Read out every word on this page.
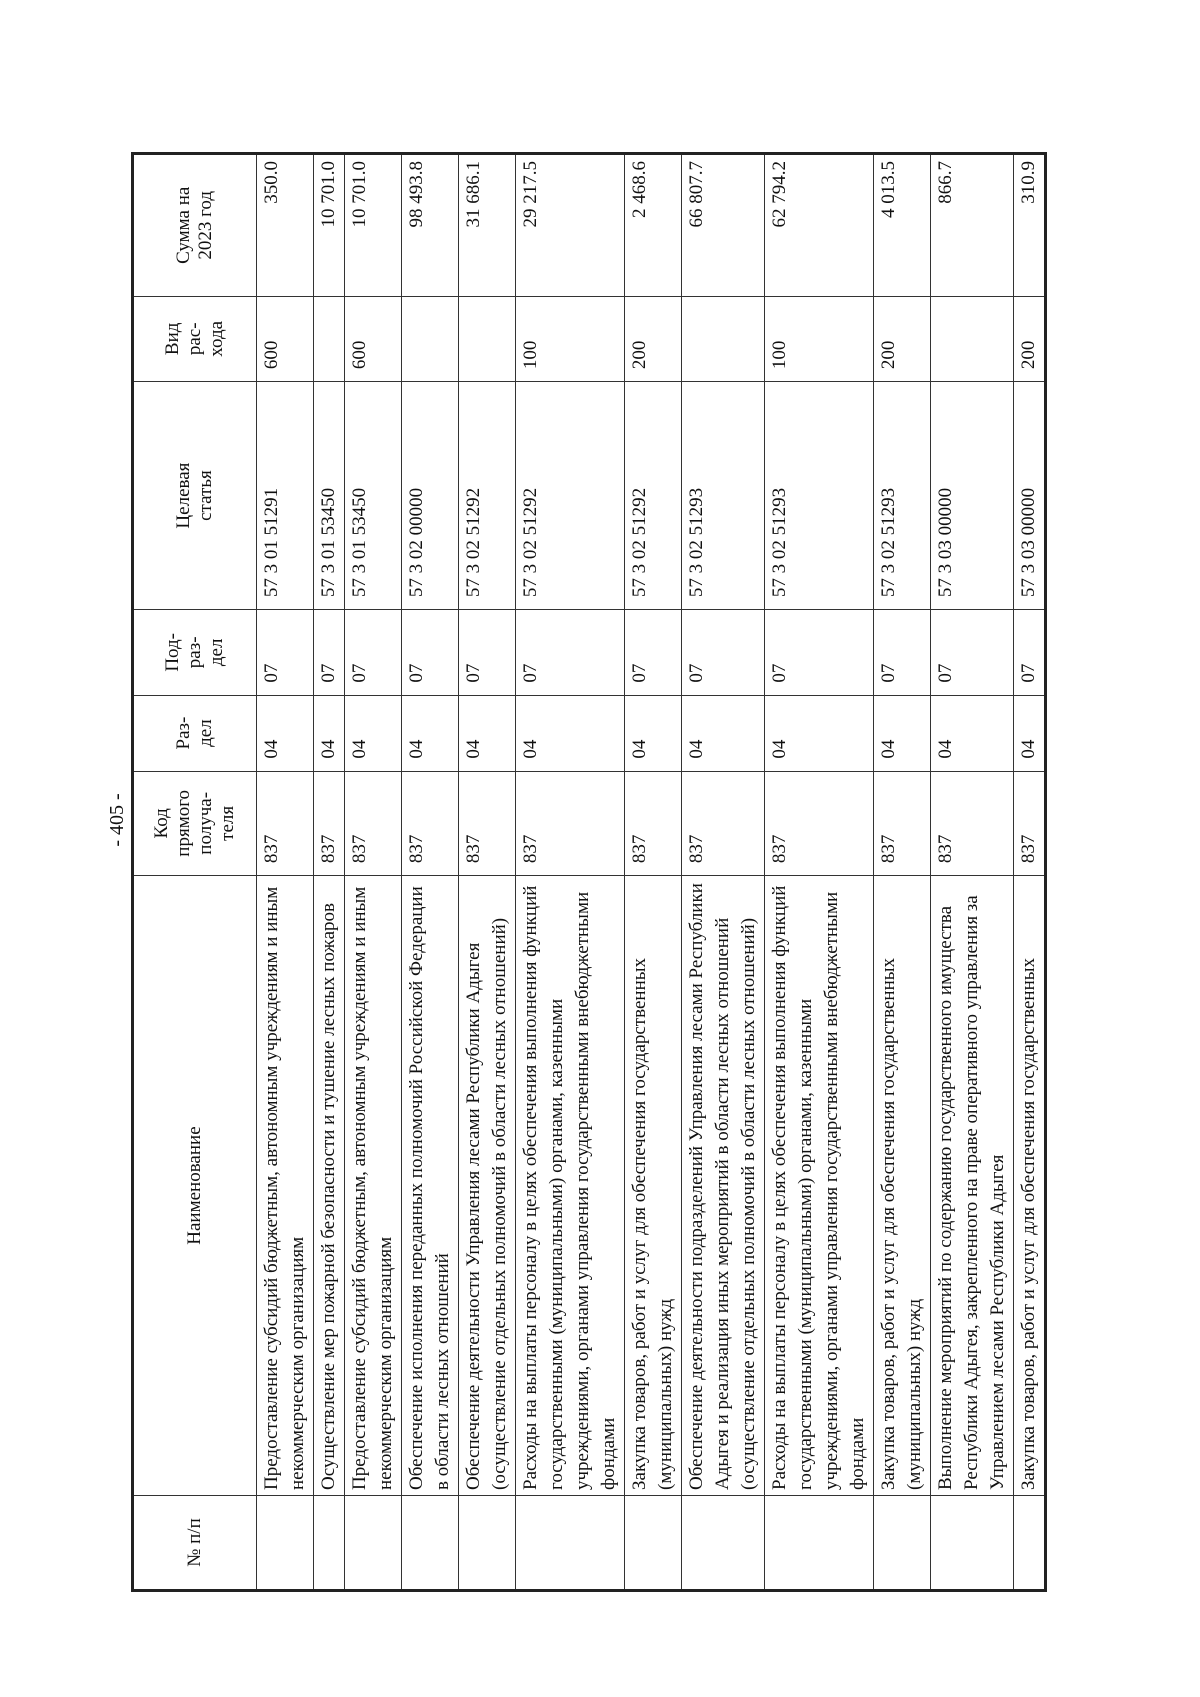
- 405 -
№ п/п	Наименование	Код прямого получа- теля	Раз- дел	Под- раз- дел	Целевая статья	Вид рас- хода	Сумма на 2023 год

	Предоставление субсидий бюджетным, автономным учреждениям и иным некоммерческим организациям	837	04	07	57 3 01 51291	600	350.0
	Осуществление мер пожарной безопасности и тушение лесных пожаров	837	04	07	57 3 01 53450		10 701.0
	Предоставление субсидий бюджетным, автономным учреждениям и иным некоммерческим организациям	837	04	07	57 3 01 53450	600	10 701.0
	Обеспечение исполнения переданных полномочий Российской Федерации в области лесных отношений	837	04	07	57 3 02 00000		98 493.8
	Обеспечение деятельности Управления лесами Республики Адыгея (осуществление отдельных полномочий в области лесных отношений)	837	04	07	57 3 02 51292		31 686.1
	Расходы на выплаты персоналу в целях обеспечения выполнения функций государственными (муниципальными) органами, казенными учреждениями, органами управления государственными внебюджетными фондами	837	04	07	57 3 02 51292	100	29 217.5
	Закупка товаров, работ и услуг для обеспечения государственных (муниципальных) нужд	837	04	07	57 3 02 51292	200	2 468.6
	Обеспечение деятельности подразделений Управления лесами Республики Адыгея и реализация иных мероприятий в области лесных отношений (осуществление отдельных полномочий в области лесных отношений)	837	04	07	57 3 02 51293		66 807.7
	Расходы на выплаты персоналу в целях обеспечения выполнения функций государственными (муниципальными) органами, казенными учреждениями, органами управления государственными внебюджетными фондами	837	04	07	57 3 02 51293	100	62 794.2
	Закупка товаров, работ и услуг для обеспечения государственных (муниципальных) нужд	837	04	07	57 3 02 51293	200	4 013.5
	Выполнение мероприятий по содержанию государственного имущества Республики Адыгея, закрепленного на праве оперативного управления за Управлением лесами Республики Адыгея	837	04	07	57 3 03 00000		866.7
	Закупка товаров, работ и услуг для обеспечения государственных	837	04	07	57 3 03 00000	200	310.9
